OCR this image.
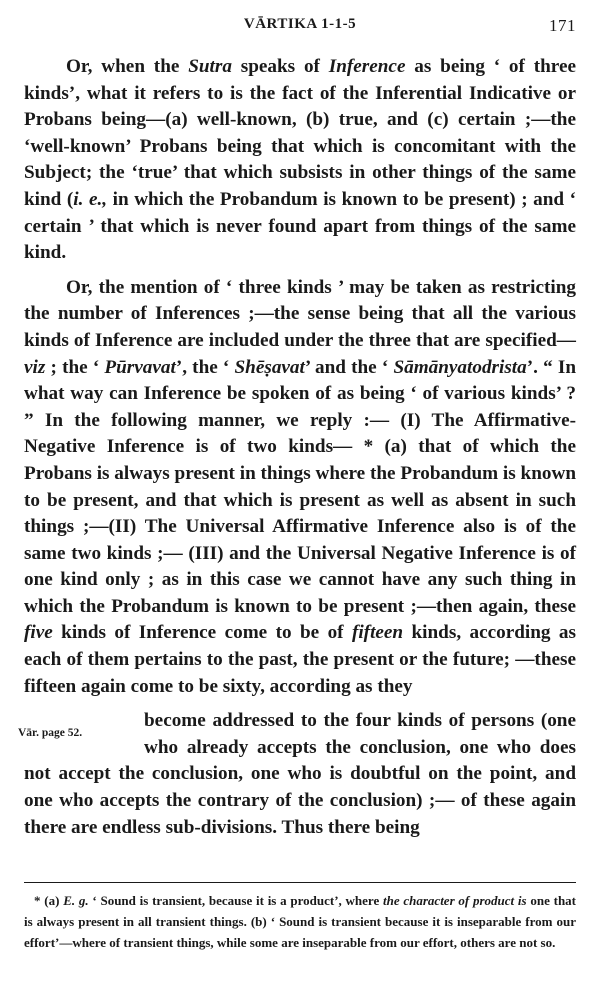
VĀRTIKA 1-1-5	171

Or, when the Sutra speaks of Inference as being ‘ of three kinds’, what it refers to is the fact of the Inferential Indicative or Probans being—(a) well-known, (b) true, and (c) certain ;—the ‘well-known’ Probans being that which is concomitant with the Subject; the ‘true’ that which subsists in other things of the same kind (i. e., in which the Probandum is known to be present) ; and ‘ certain ’ that which is never found apart from things of the same kind.

Or, the mention of ‘ three kinds ’ may be taken as restricting the number of Inferences ;—the sense being that all the various kinds of Inference are included under the three that are specified—viz ; the ‘ Pūrvavat’, the ‘ Shēṣavat’ and the ‘ Sāmānyatodrista’. “ In what way can Inference be spoken of as being ‘ of various kinds’ ? ” In the following manner, we reply :— (I) The Affirmative-Negative Inference is of two kinds— * (a) that of which the Probans is always present in things where the Probandum is known to be present, and that which is present as well as absent in such things ;—(II) The Universal Affirmative Inference also is of the same two kinds ;— (III) and the Universal Negative Inference is of one kind only ; as in this case we cannot have any such thing in which the Probandum is known to be present ;—then again, these five kinds of Inference come to be of fifteen kinds, according as each of them pertains to the past, the present or the future; —these fifteen again come to be sixty, according as they

Vār. page 52.
become addressed to the four kinds of persons (one who already accepts the conclusion, one who does not accept the conclusion, one who is doubtful on the point, and one who accepts the contrary of the conclusion) ;— of these again there are endless sub-divisions. Thus there being

* (a) E. g. ‘ Sound is transient, because it is a product’, where the character of product is one that is always present in all transient things. (b) ‘ Sound is transient because it is inseparable from our effort’—where of transient things, while some are inseparable from our effort, others are not so.
